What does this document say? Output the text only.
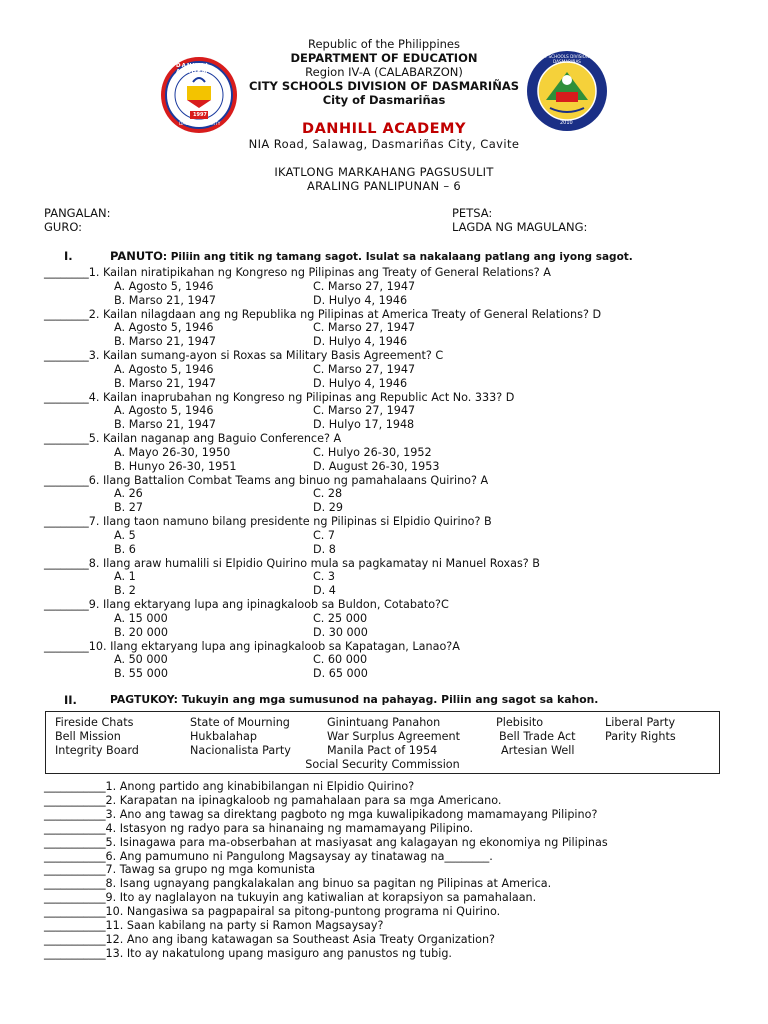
DANHILL ACADEMY
DASMARIÑAS CITY
1997
CITY SCHOOLS DIVISION OF DASMARIÑAS
2010
Republic of the Philippines
DEPARTMENT OF EDUCATION
Region IV-A (CALABARZON)
CITY SCHOOLS DIVISION OF DASMARIÑAS
City of Dasmariñas
DANHILL ACADEMY
NIA Road, Salawag, Dasmariñas City, Cavite
IKATLONG MARKAHANG PAGSUSULIT
ARALING PANLIPUNAN – 6
PANGALAN:	PETSA:
GURO:	LAGDA NG MAGULANG:
I.	PANUTO: Piliin ang titik ng tamang sagot. Isulat sa nakalaang patlang ang iyong sagot.
________1. Kailan niratipikahan ng Kongreso ng Pilipinas ang Treaty of General Relations? A
A. Agosto 5, 1946	C. Marso 27, 1947
B. Marso 21, 1947	D. Hulyo 4, 1946
________2. Kailan nilagdaan ang ng Republika ng Pilipinas at America Treaty of General Relations? D
A. Agosto 5, 1946	C. Marso 27, 1947
B. Marso 21, 1947	D. Hulyo 4, 1946
________3. Kailan sumang-ayon si Roxas sa Military Basis Agreement? C
A. Agosto 5, 1946	C. Marso 27, 1947
B. Marso 21, 1947	D. Hulyo 4, 1946
________4. Kailan inaprubahan ng Kongreso ng Pilipinas ang Republic Act No. 333? D
A. Agosto 5, 1946	C. Marso 27, 1947
B. Marso 21, 1947	D. Hulyo 17, 1948
________5. Kailan naganap ang Baguio Conference? A
A. Mayo 26-30, 1950	C. Hulyo 26-30, 1952
B. Hunyo 26-30, 1951	D. August 26-30, 1953
________6. Ilang Battalion Combat Teams ang binuo ng pamahalaans Quirino? A
A. 26	C. 28
B. 27	D. 29
________7. Ilang taon namuno bilang presidente ng Pilipinas si Elpidio Quirino? B
A. 5	C. 7
B. 6	D. 8
________8. Ilang araw humalili si Elpidio Quirino mula sa pagkamatay ni Manuel Roxas? B
A. 1	C. 3
B. 2	D. 4
________9. Ilang ektaryang lupa ang ipinagkaloob sa Buldon, Cotabato?C
A. 15 000	C. 25 000
B. 20 000	D. 30 000
________10. Ilang ektaryang lupa ang ipinagkaloob sa Kapatagan, Lanao?A
A. 50 000	C. 60 000
B. 55 000	D. 65 000
II.	PAGTUKOY: Tukuyin ang mga sumusunod na pahayag. Piliin ang sagot sa kahon.
Fireside Chats	State of Mourning	Ginintuang Panahon	Plebisito	Liberal Party
Bell Mission	Hukbalahap	War Surplus Agreement	Bell Trade Act	Parity Rights
Integrity Board	Nacionalista Party	Manila Pact of 1954	Artesian Well
Social Security Commission
___________1. Anong partido ang kinabibilangan ni Elpidio Quirino?
___________2. Karapatan na ipinagkaloob ng pamahalaan para sa mga Americano.
___________3. Ano ang tawag sa direktang pagboto ng mga kuwalipikadong mamamayang Pilipino?
___________4. Istasyon ng radyo para sa hinanaing ng mamamayang Pilipino.
___________5. Isinagawa para ma-obserbahan at masiyasat ang kalagayan ng ekonomiya ng Pilipinas
___________6. Ang pamumuno ni Pangulong Magsaysay ay tinatawag na________.
___________7. Tawag sa grupo ng mga komunista
___________8. Isang ugnayang pangkalakalan ang binuo sa pagitan ng Pilipinas at America.
___________9. Ito ay naglalayon na tukuyin ang katiwalian at korapsiyon sa pamahalaan.
___________10. Nangasiwa sa pagpapairal sa pitong-puntong programa ni Quirino.
___________11. Saan kabilang na party si Ramon Magsaysay?
___________12. Ano ang ibang katawagan sa Southeast Asia Treaty Organization?
___________13. Ito ay nakatulong upang masiguro ang panustos ng tubig.
